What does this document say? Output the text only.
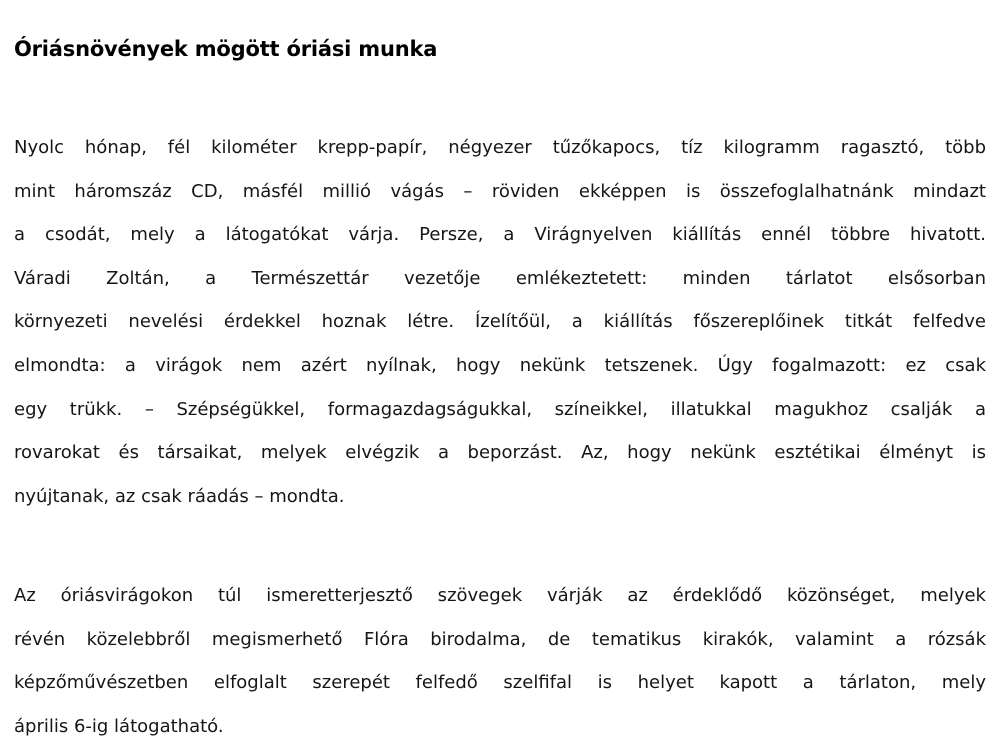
Óriásnövények mögött óriási munka
Nyolc hónap, fél kilométer krepp-papír, négyezer tűzőkapocs, tíz kilogramm ragasztó, több
mint háromszáz CD, másfél millió vágás – röviden ekképpen is összefoglalhatnánk mindazt
a csodát, mely a látogatókat várja. Persze, a Virágnyelven kiállítás ennél többre hivatott.
Váradi Zoltán, a Természettár vezetője emlékeztetett: minden tárlatot elsősorban
környezeti nevelési érdekkel hoznak létre. Ízelítőül, a kiállítás főszereplőinek titkát felfedve
elmondta: a virágok nem azért nyílnak, hogy nekünk tetszenek. Úgy fogalmazott: ez csak
egy trükk. – Szépségükkel, formagazdagságukkal, színeikkel, illatukkal magukhoz csalják a
rovarokat és társaikat, melyek elvégzik a beporzást. Az, hogy nekünk esztétikai élményt is
nyújtanak, az csak ráadás – mondta.
Az óriásvirágokon túl ismeretterjesztő szövegek várják az érdeklődő közönséget, melyek
révén közelebbről megismerhető Flóra birodalma, de tematikus kirakók, valamint a rózsák
képzőművészetben elfoglalt szerepét felfedő szelfifal is helyet kapott a tárlaton, mely
április 6-ig látogatható.
